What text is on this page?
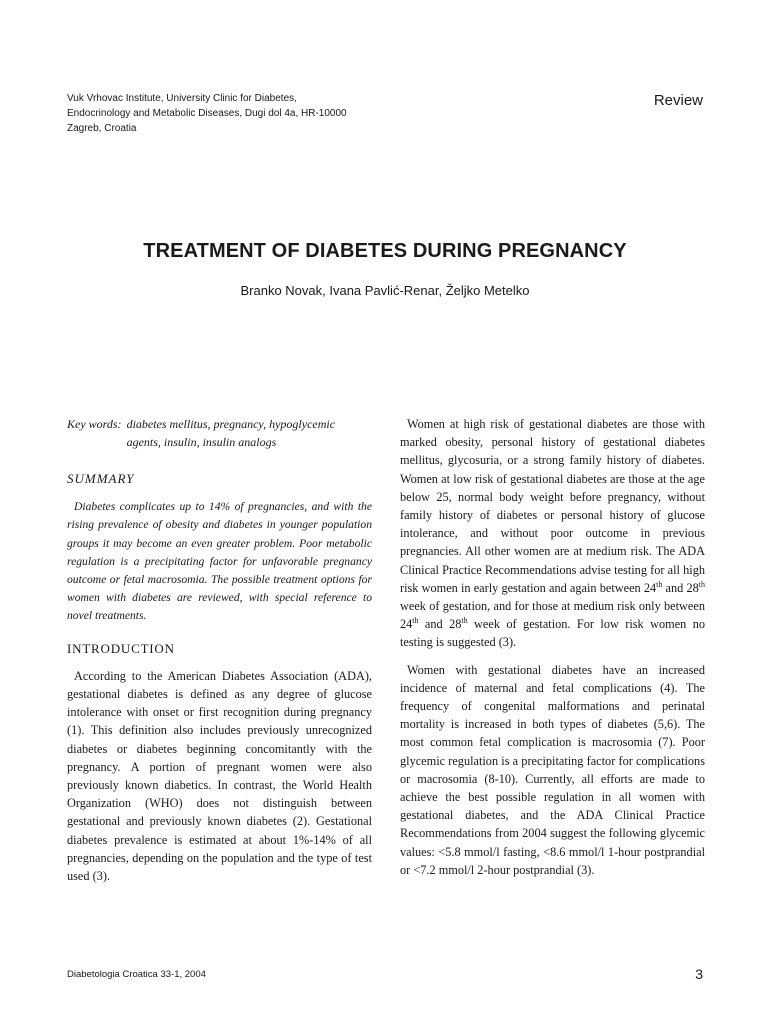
Vuk Vrhovac Institute, University Clinic for Diabetes,
Endocrinology and Metabolic Diseases, Dugi dol 4a, HR-10000
Zagreb, Croatia
Review
TREATMENT OF DIABETES DURING PREGNANCY
Branko Novak, Ivana Pavlić-Renar, Željko Metelko
Key words: diabetes mellitus, pregnancy, hypoglycemic agents, insulin, insulin analogs
SUMMARY

Diabetes complicates up to 14% of pregnancies, and with the rising prevalence of obesity and diabetes in younger population groups it may become an even greater problem. Poor metabolic regulation is a precipitating factor for unfavorable pregnancy outcome or fetal macrosomia. The possible treatment options for women with diabetes are reviewed, with special reference to novel treatments.

INTRODUCTION

According to the American Diabetes Association (ADA), gestational diabetes is defined as any degree of glucose intolerance with onset or first recognition during pregnancy (1). This definition also includes previously unrecognized diabetes or diabetes beginning concomitantly with the pregnancy. A portion of pregnant women were also previously known diabetics. In contrast, the World Health Organization (WHO) does not distinguish between gestational and previously known diabetes (2). Gestational diabetes prevalence is estimated at about 1%-14% of all pregnancies, depending on the population and the type of test used (3).

Women at high risk of gestational diabetes are those with marked obesity, personal history of gestational diabetes mellitus, glycosuria, or a strong family history of diabetes. Women at low risk of gestational diabetes are those at the age below 25, normal body weight before pregnancy, without family history of diabetes or personal history of glucose intolerance, and without poor outcome in previous pregnancies. All other women are at medium risk. The ADA Clinical Practice Recommendations advise testing for all high risk women in early gestation and again between 24th and 28th week of gestation, and for those at medium risk only between 24th and 28th week of gestation. For low risk women no testing is suggested (3).

Women with gestational diabetes have an increased incidence of maternal and fetal complications (4). The frequency of congenital malformations and perinatal mortality is increased in both types of diabetes (5,6). The most common fetal complication is macrosomia (7). Poor glycemic regulation is a precipitating factor for complications or macrosomia (8-10). Currently, all efforts are made to achieve the best possible regulation in all women with gestational diabetes, and the ADA Clinical Practice Recommendations from 2004 suggest the following glycemic values: <5.8 mmol/l fasting, <8.6 mmol/l 1-hour postprandial or <7.2 mmol/l 2-hour postprandial (3).

Diabetologia Croatica 33-1, 2004	3
